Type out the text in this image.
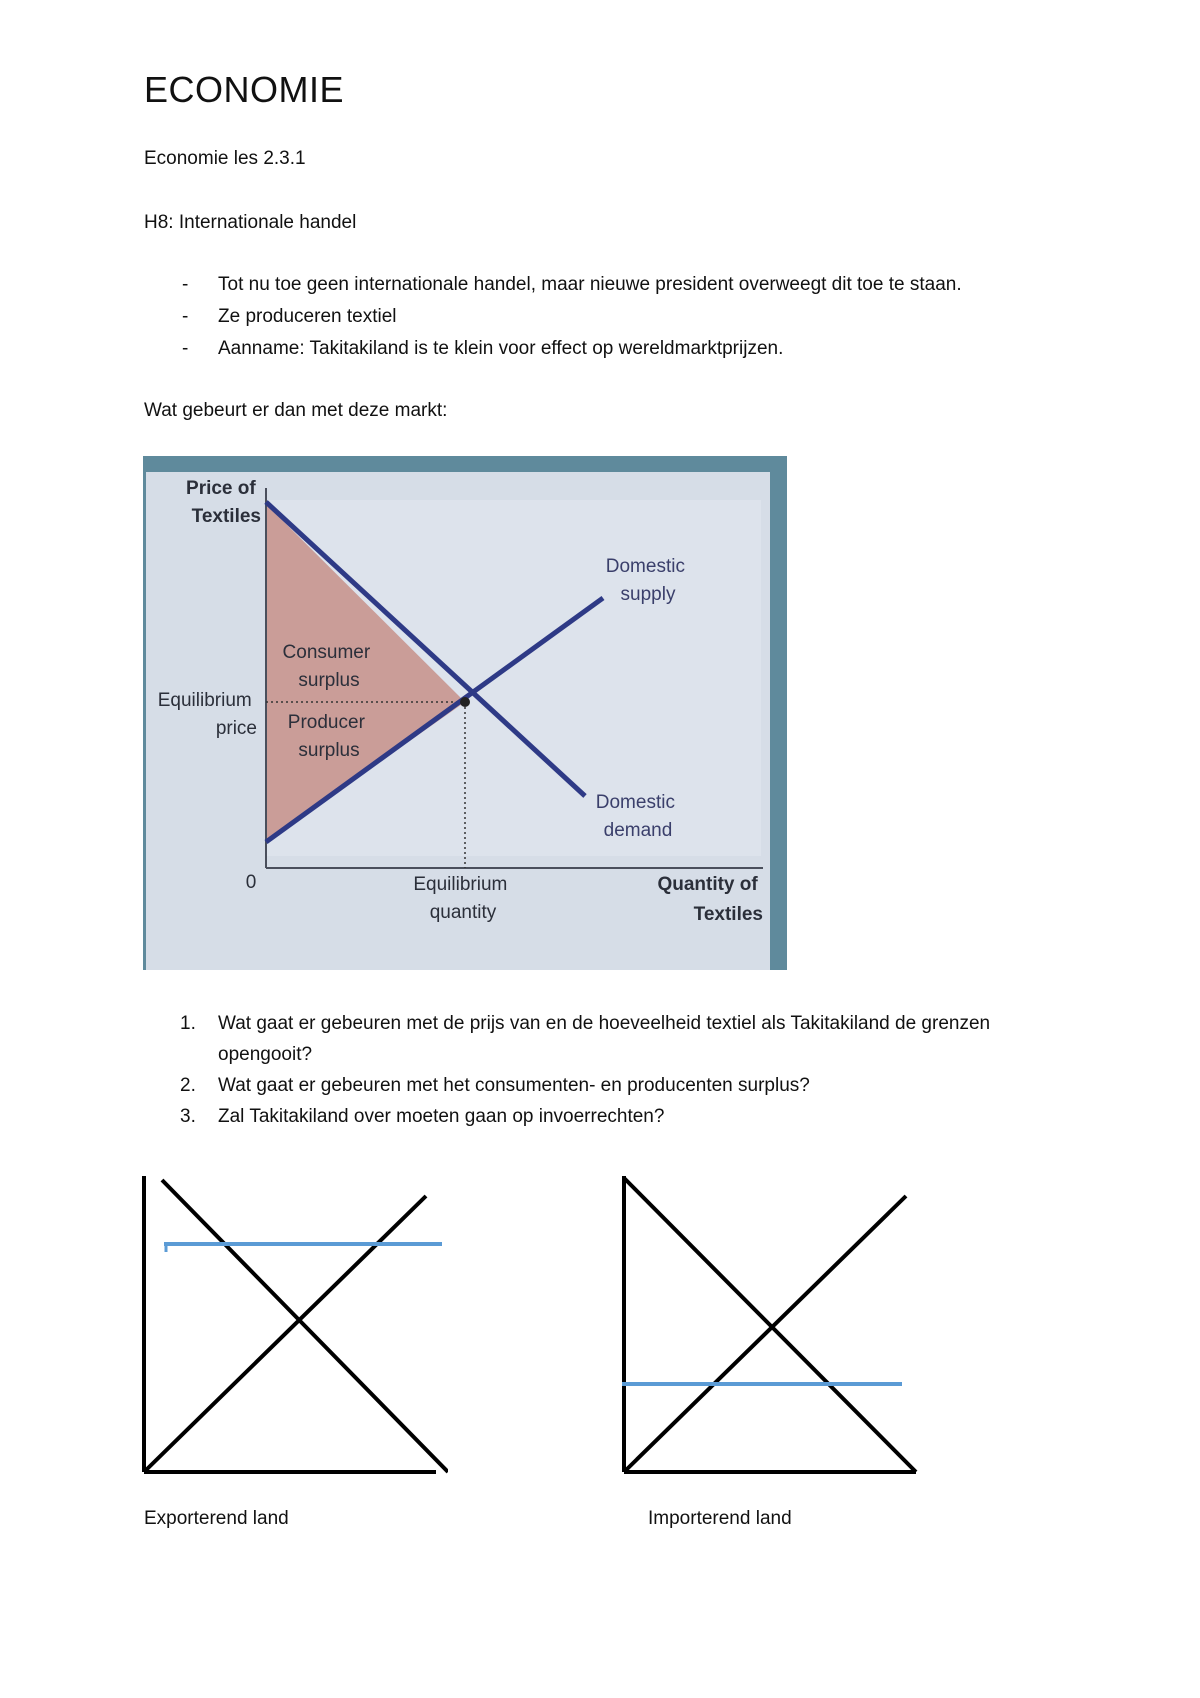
ECONOMIE
Economie les 2.3.1
H8: Internationale handel
- Tot nu toe geen internationale handel, maar nieuwe president overweegt dit toe te staan.
- Ze produceren textiel
- Aanname: Takitakiland is te klein voor effect op wereldmarktprijzen.
Wat gebeurt er dan met deze markt:
Price of Textiles
Domestic supply
Consumer surplus
Equilibrium price Producer surplus
Domestic demand
0	Equilibrium quantity
Quantity of Textiles
1. Wat gaat er gebeuren met de prijs van en de hoeveelheid textiel als Takitakiland de grenzen opengooit?
2. Wat gaat er gebeuren met het consumenten- en producenten surplus?
3. Zal Takitakiland over moeten gaan op invoerrechten?
Exporterend land	Importerend land
